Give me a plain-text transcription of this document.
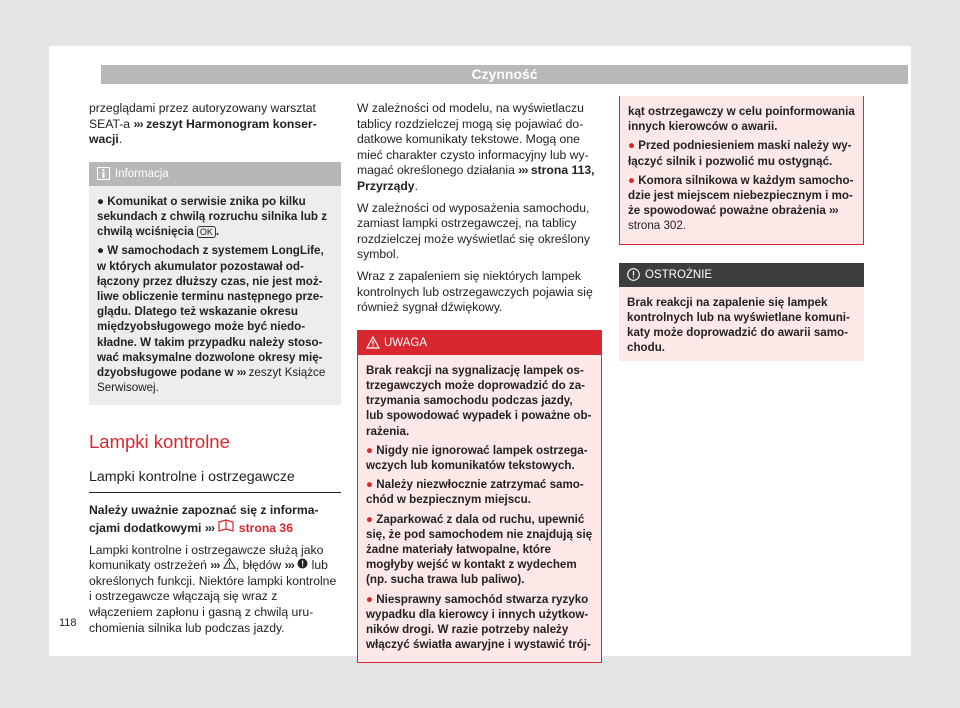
Czynność

przeglądami przez autoryzowany warsztat SEAT-a ››› zeszyt Harmonogram konserwacji.

Informacja
● Komunikat o serwisie znika po kilku sekundach z chwilą rozruchu silnika lub z chwilą wciśnięcia OK .
● W samochodach z systemem LongLife, w których akumulator pozostawał odłączony przez dłuższy czas, nie jest możliwe obliczenie terminu następnego przeglądu. Dlatego też wskazanie okresu międzyobsługowego może być niedokładne. W takim przypadku należy stosować maksymalne dozwolone okresy międzyobsługowe podane w ››› zeszyt Książce Serwisowej.
Lampki kontrolne
Lampki kontrolne i ostrzegawcze

Należy uważnie zapoznać się z informacjami dodatkowymi ››› strona 36

Lampki kontrolne i ostrzegawcze służą jako komunikaty ostrzeżeń ››› , błędów ››› lub określonych funkcji. Niektóre lampki kontrolne i ostrzegawcze włączają się wraz z włączeniem zapłonu i gasną z chwilą uruchomienia silnika lub podczas jazdy.

W zależności od modelu, na wyświetlaczu tablicy rozdzielczej mogą się pojawiać dodatkowe komunikaty tekstowe. Mogą one mieć charakter czysto informacyjny lub wymagać określonego działania ››› strona 113, Przyrządy.

W zależności od wyposażenia samochodu, zamiast lampki ostrzegawczej, na tablicy rozdzielczej może wyświetlać się określony symbol.

Wraz z zapaleniem się niektórych lampek kontrolnych lub ostrzegawczych pojawia się również sygnał dźwiękowy.

UWAGA
Brak reakcji na sygnalizację lampek ostrzegawczych może doprowadzić do zatrzymania samochodu podczas jazdy, lub spowodować wypadek i poważne obrażenia.
● Nigdy nie ignorować lampek ostrzegawczych lub komunikatów tekstowych.
● Należy niezwłocznie zatrzymać samochód w bezpiecznym miejscu.
● Zaparkować z dala od ruchu, upewnić się, że pod samochodem nie znajdują się żadne materiały łatwopalne, które mogłyby wejść w kontakt z wydechem (np. sucha trawa lub paliwo).
● Niesprawny samochód stwarza ryzyko wypadku dla kierowcy i innych użytkowników drogi. W razie potrzeby należy włączyć światła awaryjne i wystawić trój-
kąt ostrzegawczy w celu poinformowania innych kierowców o awarii.
● Przed podniesieniem maski należy wyłączyć silnik i pozwolić mu ostygnąć.
● Komora silnikowa w każdym samochodzie jest miejscem niebezpiecznym i może spowodować poważne obrażenia ››› strona 302.
OSTROŻNIE
Brak reakcji na zapalenie się lampek kontrolnych lub na wyświetlane komunikaty może doprowadzić do awarii samochodu.
118
